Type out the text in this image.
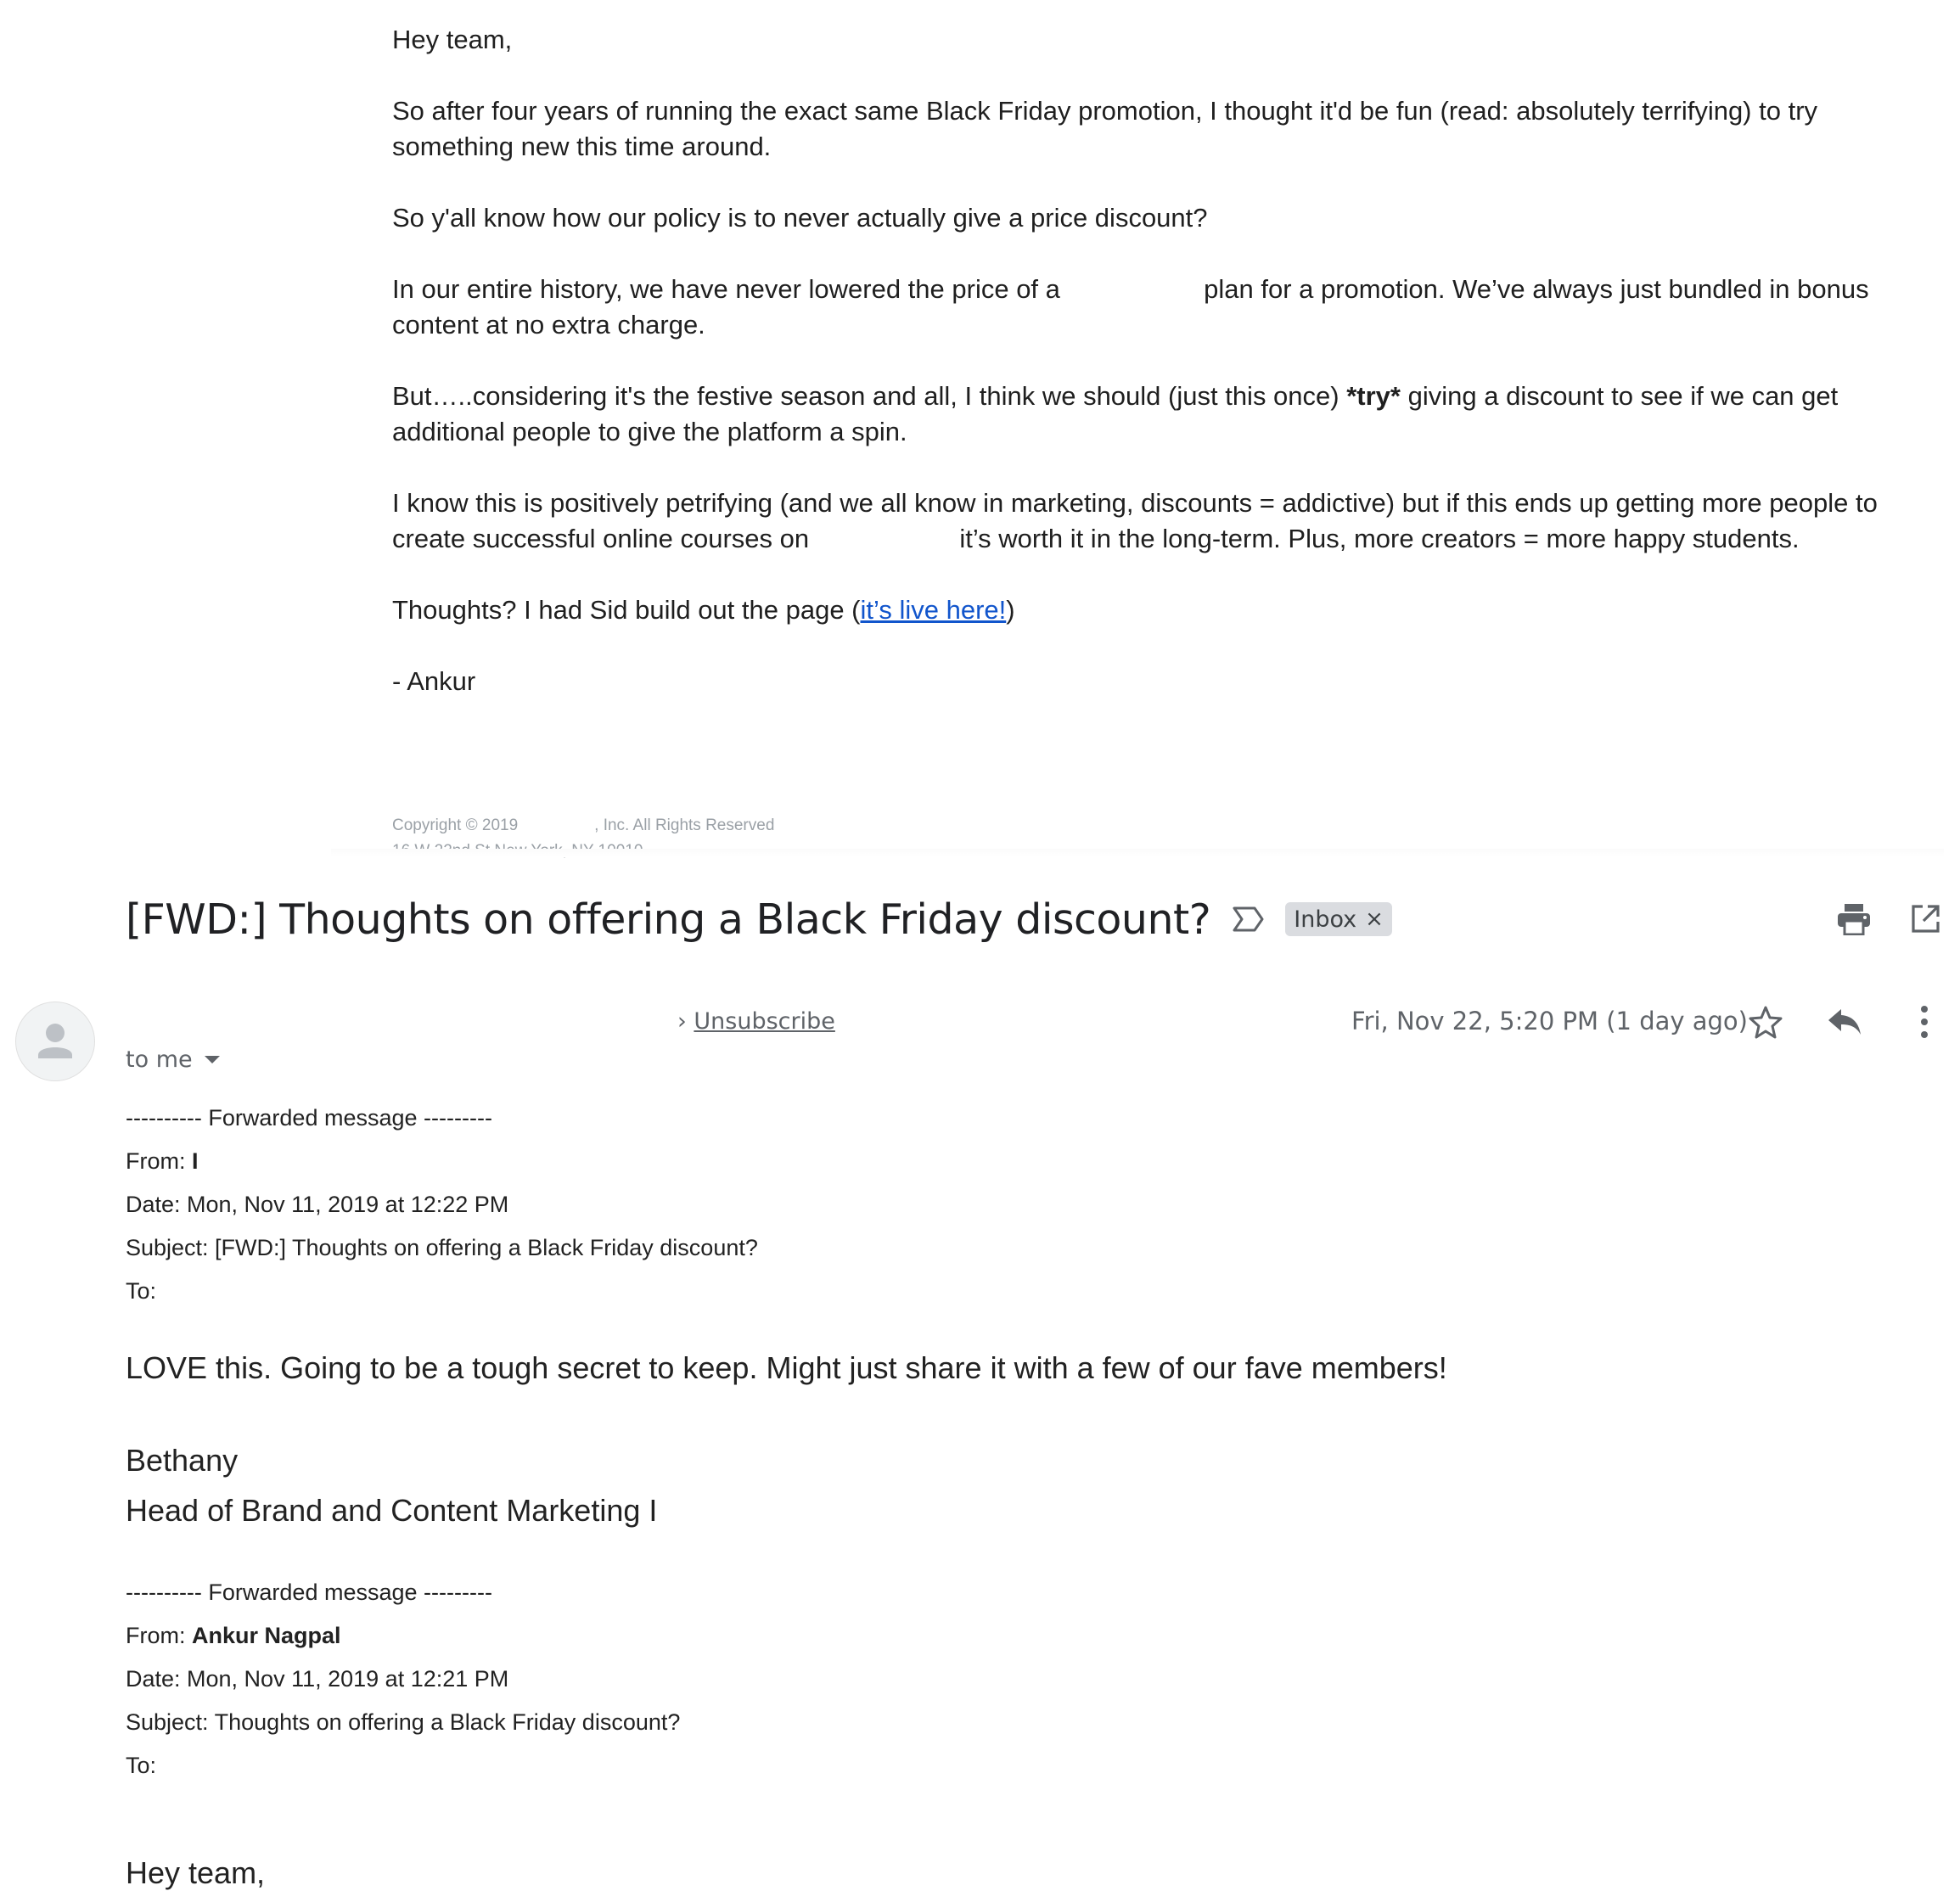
Hey team,

So after four years of running the exact same Black Friday promotion, I thought it'd be fun (read: absolutely terrifying) to try something new this time around.

So y'all know how our policy is to never actually give a price discount?

In our entire history, we have never lowered the price of a	plan for a promotion. We’ve always just bundled in bonus content at no extra charge.

But…..considering it's the festive season and all, I think we should (just this once) *try* giving a discount to see if we can get additional people to give the platform a spin.

I know this is positively petrifying (and we all know in marketing, discounts = addictive) but if this ends up getting more people to create successful online courses on	it’s worth it in the long-term. Plus, more creators = more happy students.

Thoughts? I had Sid build out the page (it’s live here!)

- Ankur

Copyright © 2019	, Inc. All Rights Reserved
[FWD:] Thoughts on offering a Black Friday discount?	Inbox ×
› Unsubscribe	Fri, Nov 22, 5:20 PM (1 day ago)
to me
---------- Forwarded message ---------
From: I
Date: Mon, Nov 11, 2019 at 12:22 PM
Subject: [FWD:] Thoughts on offering a Black Friday discount?
To:
LOVE this. Going to be a tough secret to keep. Might just share it with a few of our fave members!
Bethany
Head of Brand and Content Marketing I
---------- Forwarded message ---------
From: Ankur Nagpal
Date: Mon, Nov 11, 2019 at 12:21 PM
Subject: Thoughts on offering a Black Friday discount?
To:
Hey team,
